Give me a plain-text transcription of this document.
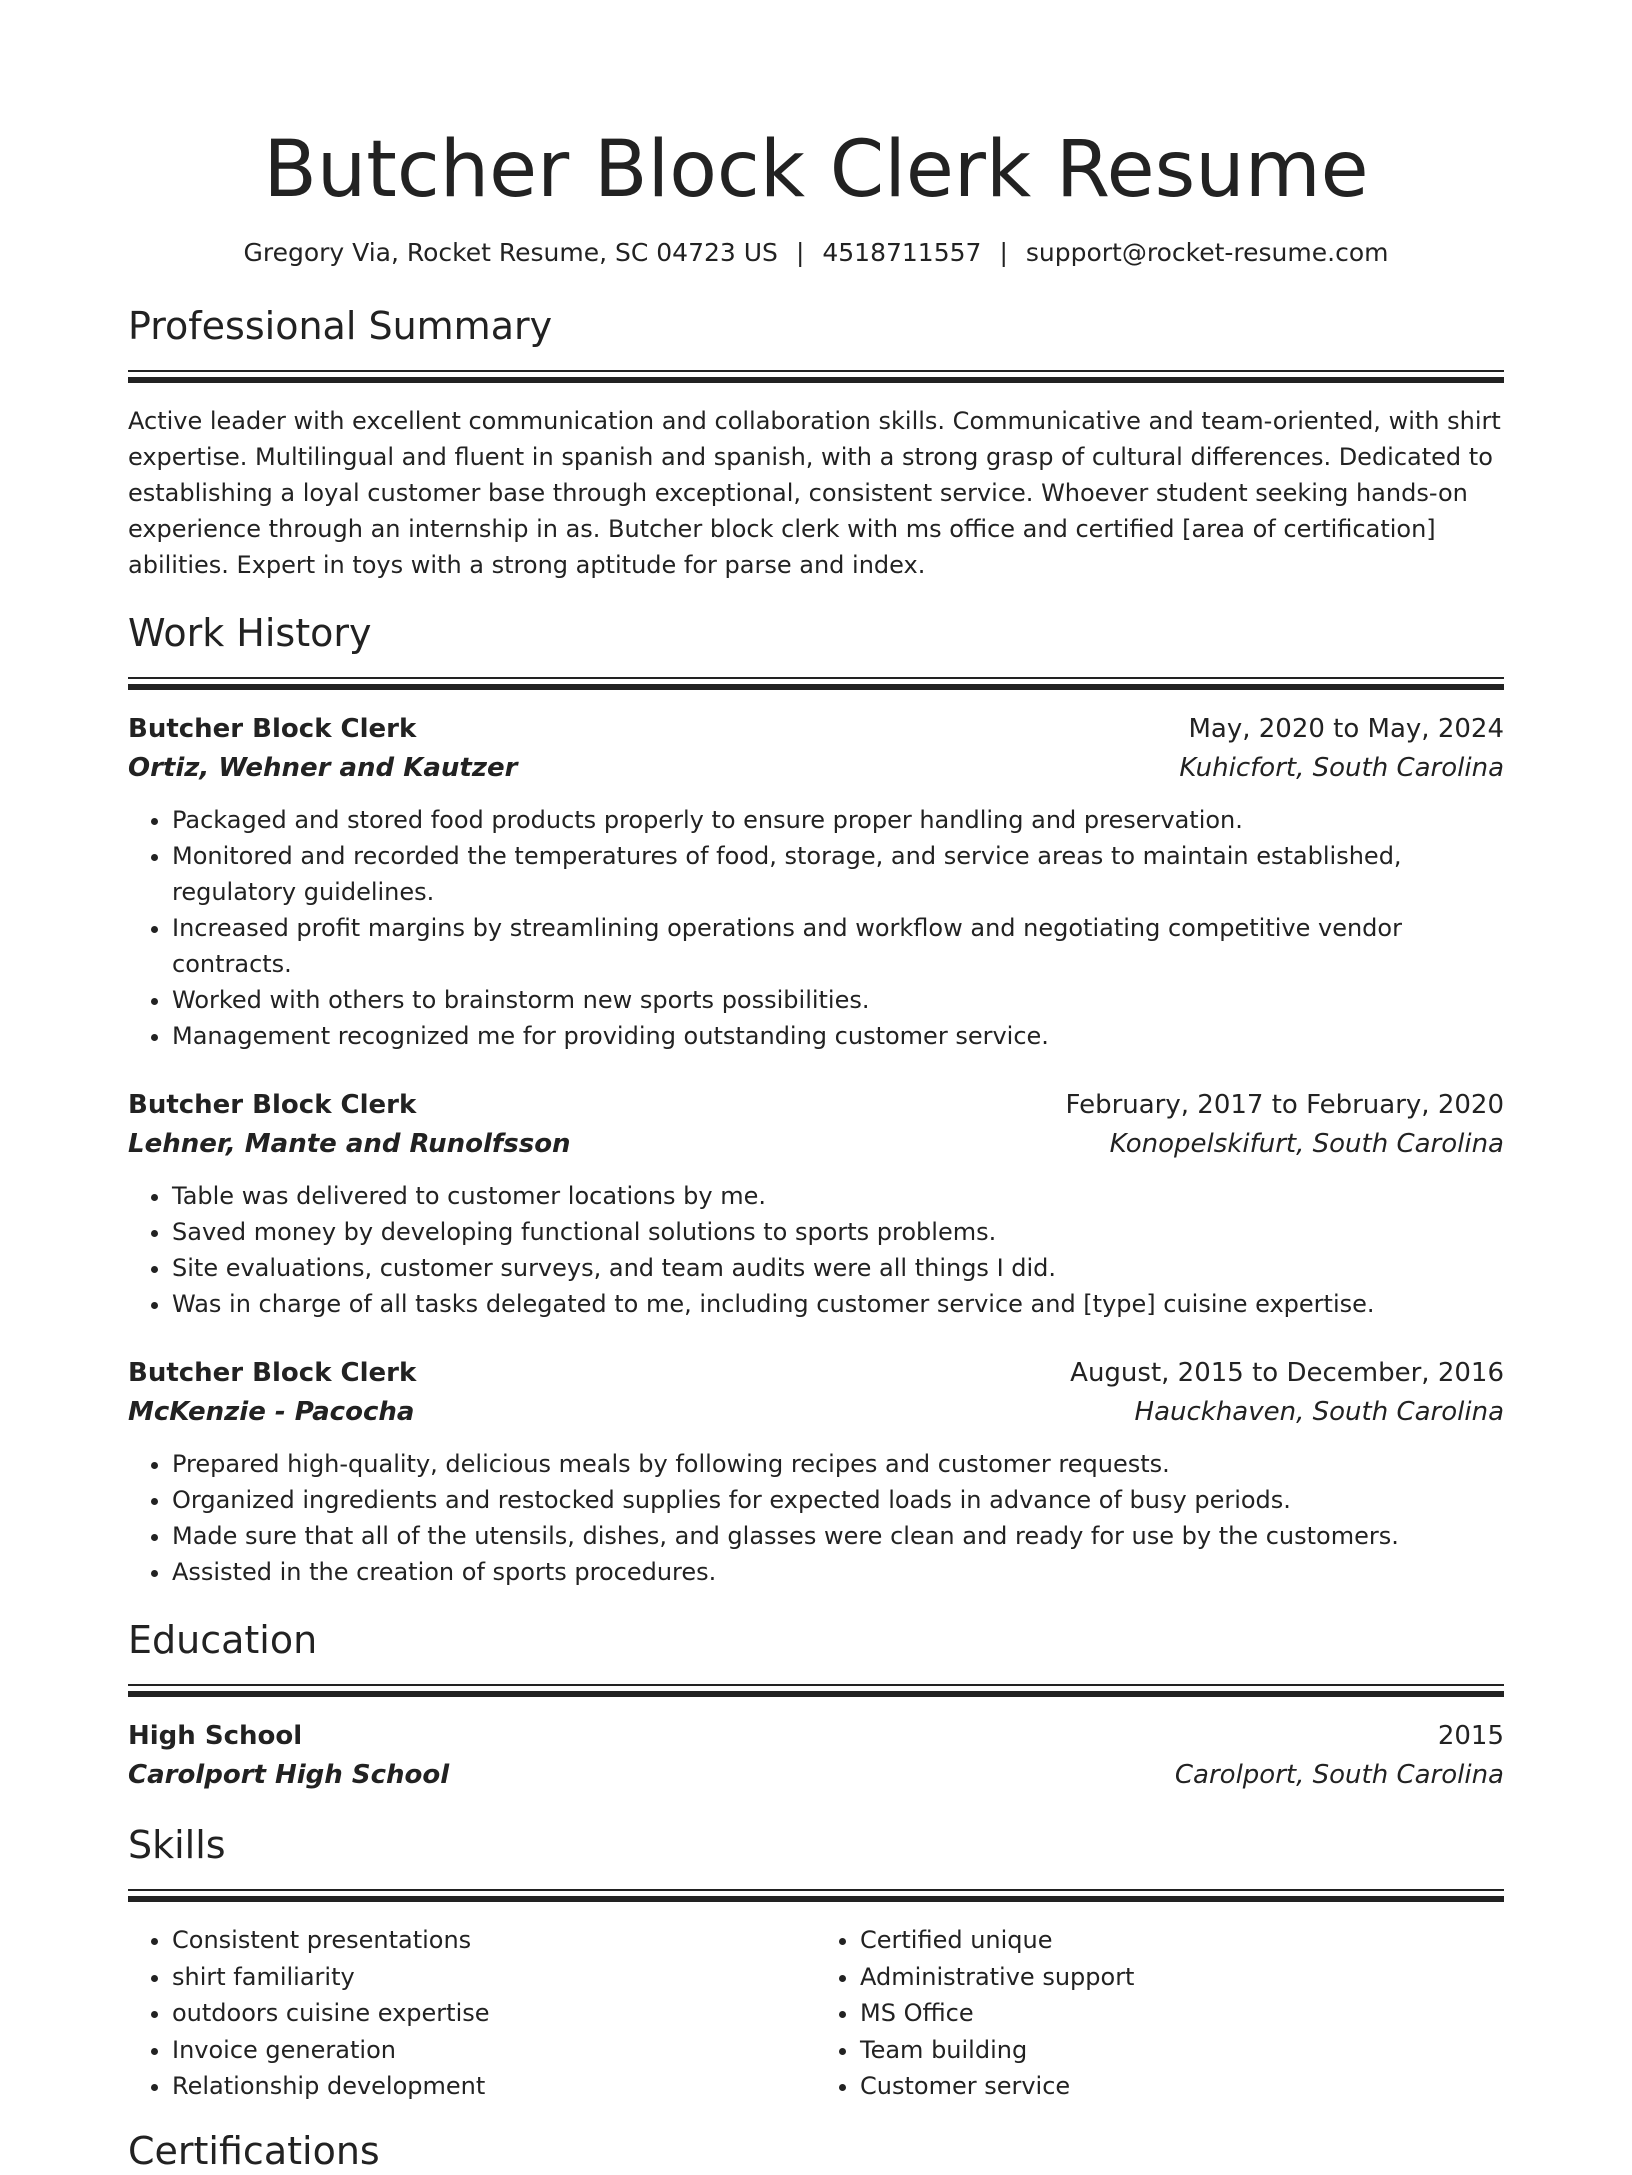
Butcher Block Clerk Resume
Gregory Via, Rocket Resume, SC 04723 US | 4518711557 | support@rocket-resume.com
Professional Summary

Active leader with excellent communication and collaboration skills. Communicative and team-oriented, with shirt expertise. Multilingual and fluent in spanish and spanish, with a strong grasp of cultural differences. Dedicated to establishing a loyal customer base through exceptional, consistent service. Whoever student seeking hands-on experience through an internship in as. Butcher block clerk with ms office and certified [area of certification] abilities. Expert in toys with a strong aptitude for parse and index.

Work History
Butcher Block Clerk	May, 2020 to May, 2024
Ortiz, Wehner and Kautzer	Kuhicfort, South Carolina
• Packaged and stored food products properly to ensure proper handling and preservation.
• Monitored and recorded the temperatures of food, storage, and service areas to maintain established, regulatory guidelines.
• Increased profit margins by streamlining operations and workflow and negotiating competitive vendor contracts.
• Worked with others to brainstorm new sports possibilities.
• Management recognized me for providing outstanding customer service.
Butcher Block Clerk	February, 2017 to February, 2020
Lehner, Mante and Runolfsson	Konopelskifurt, South Carolina
• Table was delivered to customer locations by me.
• Saved money by developing functional solutions to sports problems.
• Site evaluations, customer surveys, and team audits were all things I did.
• Was in charge of all tasks delegated to me, including customer service and [type] cuisine expertise.
Butcher Block Clerk	August, 2015 to December, 2016
McKenzie - Pacocha	Hauckhaven, South Carolina
• Prepared high-quality, delicious meals by following recipes and customer requests.
• Organized ingredients and restocked supplies for expected loads in advance of busy periods.
• Made sure that all of the utensils, dishes, and glasses were clean and ready for use by the customers.
• Assisted in the creation of sports procedures.
Education
High School	2015
Carolport High School	Carolport, South Carolina
Skills
• Consistent presentations
• shirt familiarity
• outdoors cuisine expertise
• Invoice generation
• Relationship development
• Certified unique
• Administrative support
• MS Office
• Team building
• Customer service
Certifications
